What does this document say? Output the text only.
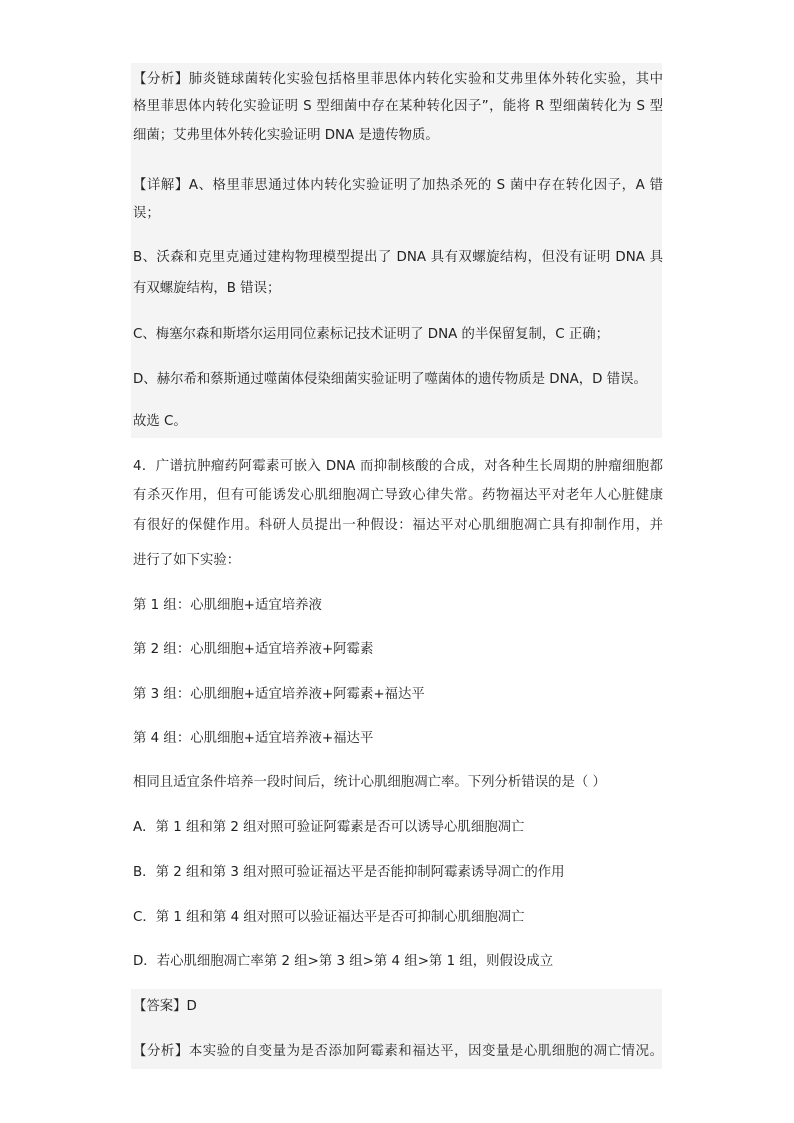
【分析】肺炎链球菌转化实验包括格里菲思体内转化实验和艾弗里体外转化实验，其中
格里菲思体内转化实验证明 S 型细菌中存在某种转化因子”，能将 R 型细菌转化为 S 型
细菌；艾弗里体外转化实验证明 DNA 是遗传物质。
【详解】A、格里菲思通过体内转化实验证明了加热杀死的 S 菌中存在转化因子，A 错
误；
B、沃森和克里克通过建构物理模型提出了 DNA 具有双螺旋结构，但没有证明 DNA 具
有双螺旋结构，B 错误；
C、梅塞尔森和斯塔尔运用同位素标记技术证明了 DNA 的半保留复制，C 正确；
D、赫尔希和蔡斯通过噬菌体侵染细菌实验证明了噬菌体的遗传物质是 DNA，D 错误。
故选 C。
4．广谱抗肿瘤药阿霉素可嵌入 DNA 而抑制核酸的合成，对各种生长周期的肿瘤细胞都
有杀灭作用，但有可能诱发心肌细胞凋亡导致心律失常。药物福达平对老年人心脏健康
有很好的保健作用。科研人员提出一种假设：福达平对心肌细胞凋亡具有抑制作用，并
进行了如下实验：
第 1 组：心肌细胞+适宜培养液
第 2 组：心肌细胞+适宜培养液+阿霉素
第 3 组：心肌细胞+适宜培养液+阿霉素+福达平
第 4 组：心肌细胞+适宜培养液+福达平
相同且适宜条件培养一段时间后，统计心肌细胞凋亡率。下列分析错误的是（ ）
A．第 1 组和第 2 组对照可验证阿霉素是否可以诱导心肌细胞凋亡
B．第 2 组和第 3 组对照可验证福达平是否能抑制阿霉素诱导凋亡的作用
C．第 1 组和第 4 组对照可以验证福达平是否可抑制心肌细胞凋亡
D．若心肌细胞凋亡率第 2 组>第 3 组>第 4 组>第 1 组，则假设成立
【答案】D
【分析】本实验的自变量为是否添加阿霉素和福达平，因变量是心肌细胞的凋亡情况。
